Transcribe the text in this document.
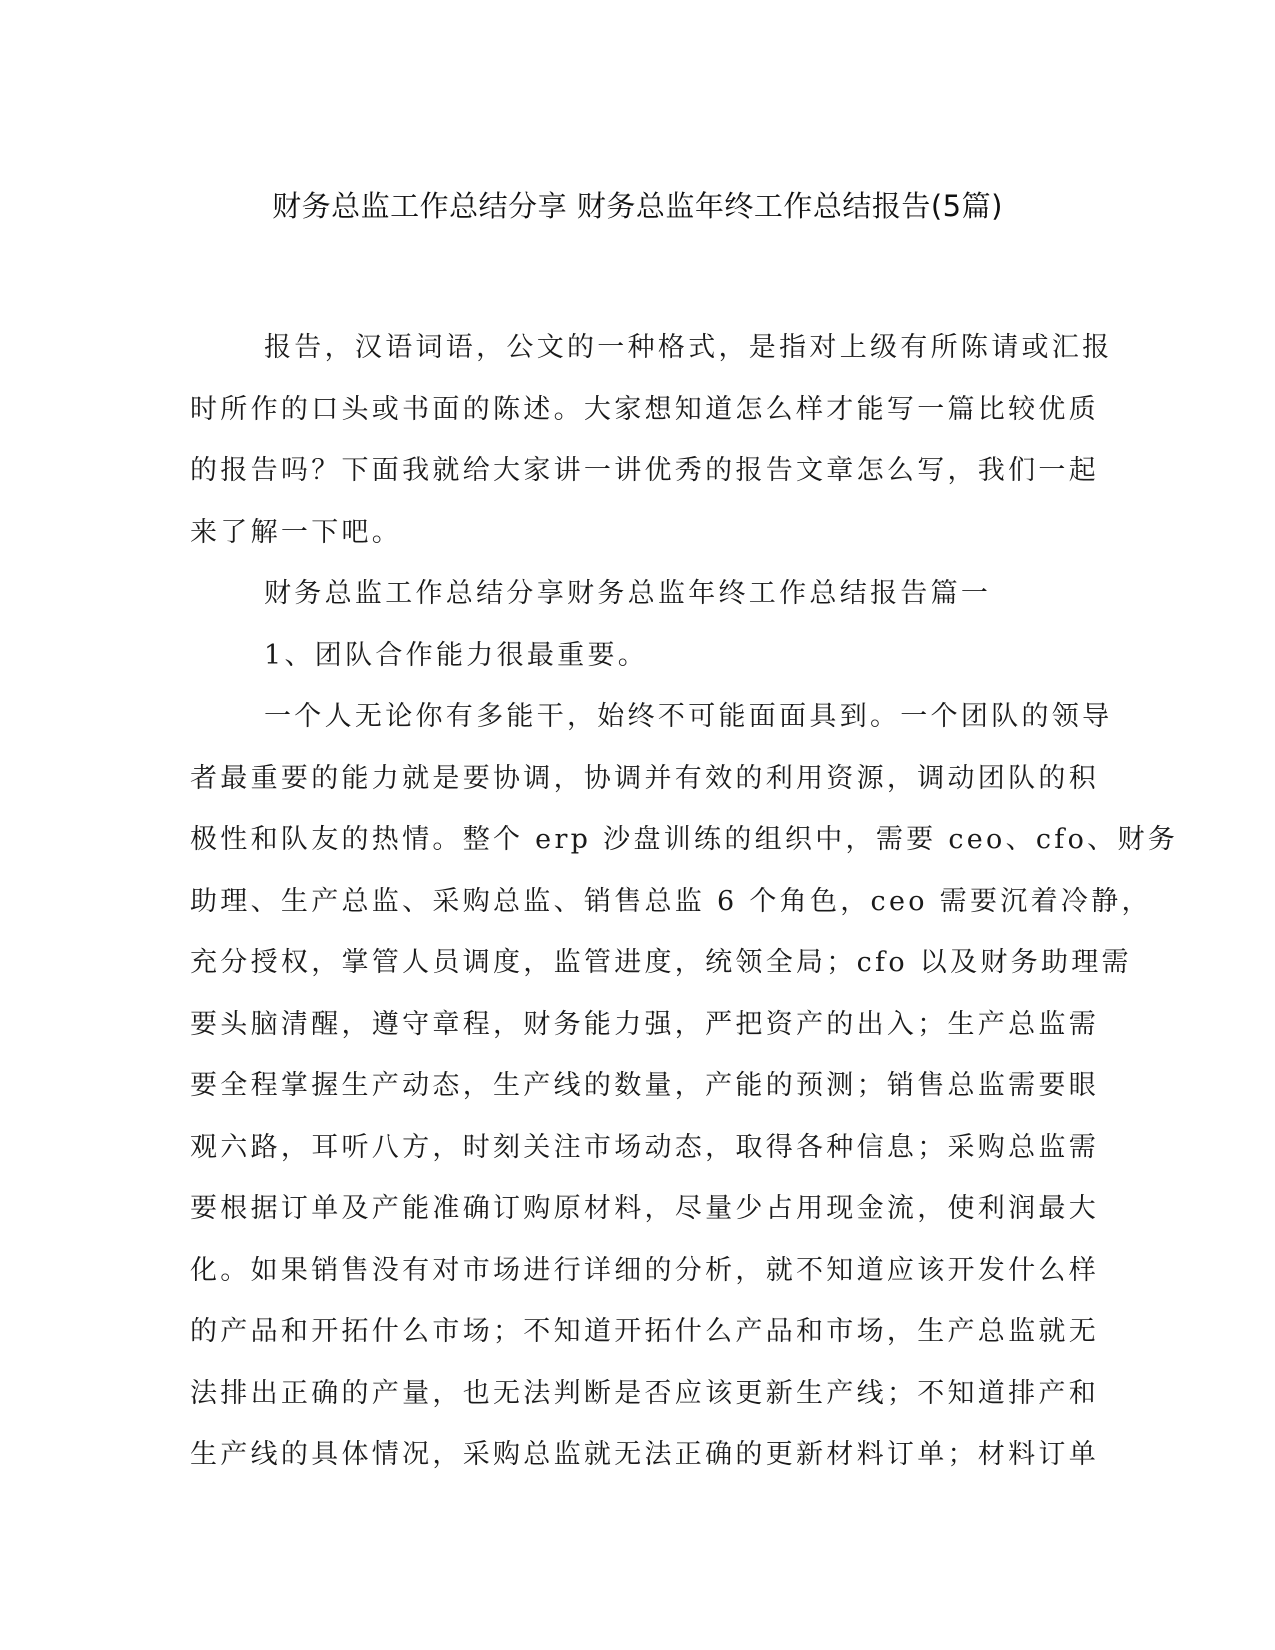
财务总监工作总结分享 财务总监年终工作总结报告(5篇)
报告，汉语词语，公文的一种格式，是指对上级有所陈请或汇报
时所作的口头或书面的陈述。大家想知道怎么样才能写一篇比较优质
的报告吗？下面我就给大家讲一讲优秀的报告文章怎么写，我们一起
来了解一下吧。
财务总监工作总结分享财务总监年终工作总结报告篇一
1、团队合作能力很最重要。
一个人无论你有多能干，始终不可能面面具到。一个团队的领导
者最重要的能力就是要协调，协调并有效的利用资源，调动团队的积
极性和队友的热情。整个 erp 沙盘训练的组织中，需要 ceo、cfo、财务
助理、生产总监、采购总监、销售总监 6 个角色，ceo 需要沉着冷静，
充分授权，掌管人员调度，监管进度，统领全局；cfo 以及财务助理需
要头脑清醒，遵守章程，财务能力强，严把资产的出入；生产总监需
要全程掌握生产动态，生产线的数量，产能的预测；销售总监需要眼
观六路，耳听八方，时刻关注市场动态，取得各种信息；采购总监需
要根据订单及产能准确订购原材料，尽量少占用现金流，使利润最大
化。如果销售没有对市场进行详细的分析，就不知道应该开发什么样
的产品和开拓什么市场；不知道开拓什么产品和市场，生产总监就无
法排出正确的产量，也无法判断是否应该更新生产线；不知道排产和
生产线的具体情况，采购总监就无法正确的更新材料订单；材料订单
